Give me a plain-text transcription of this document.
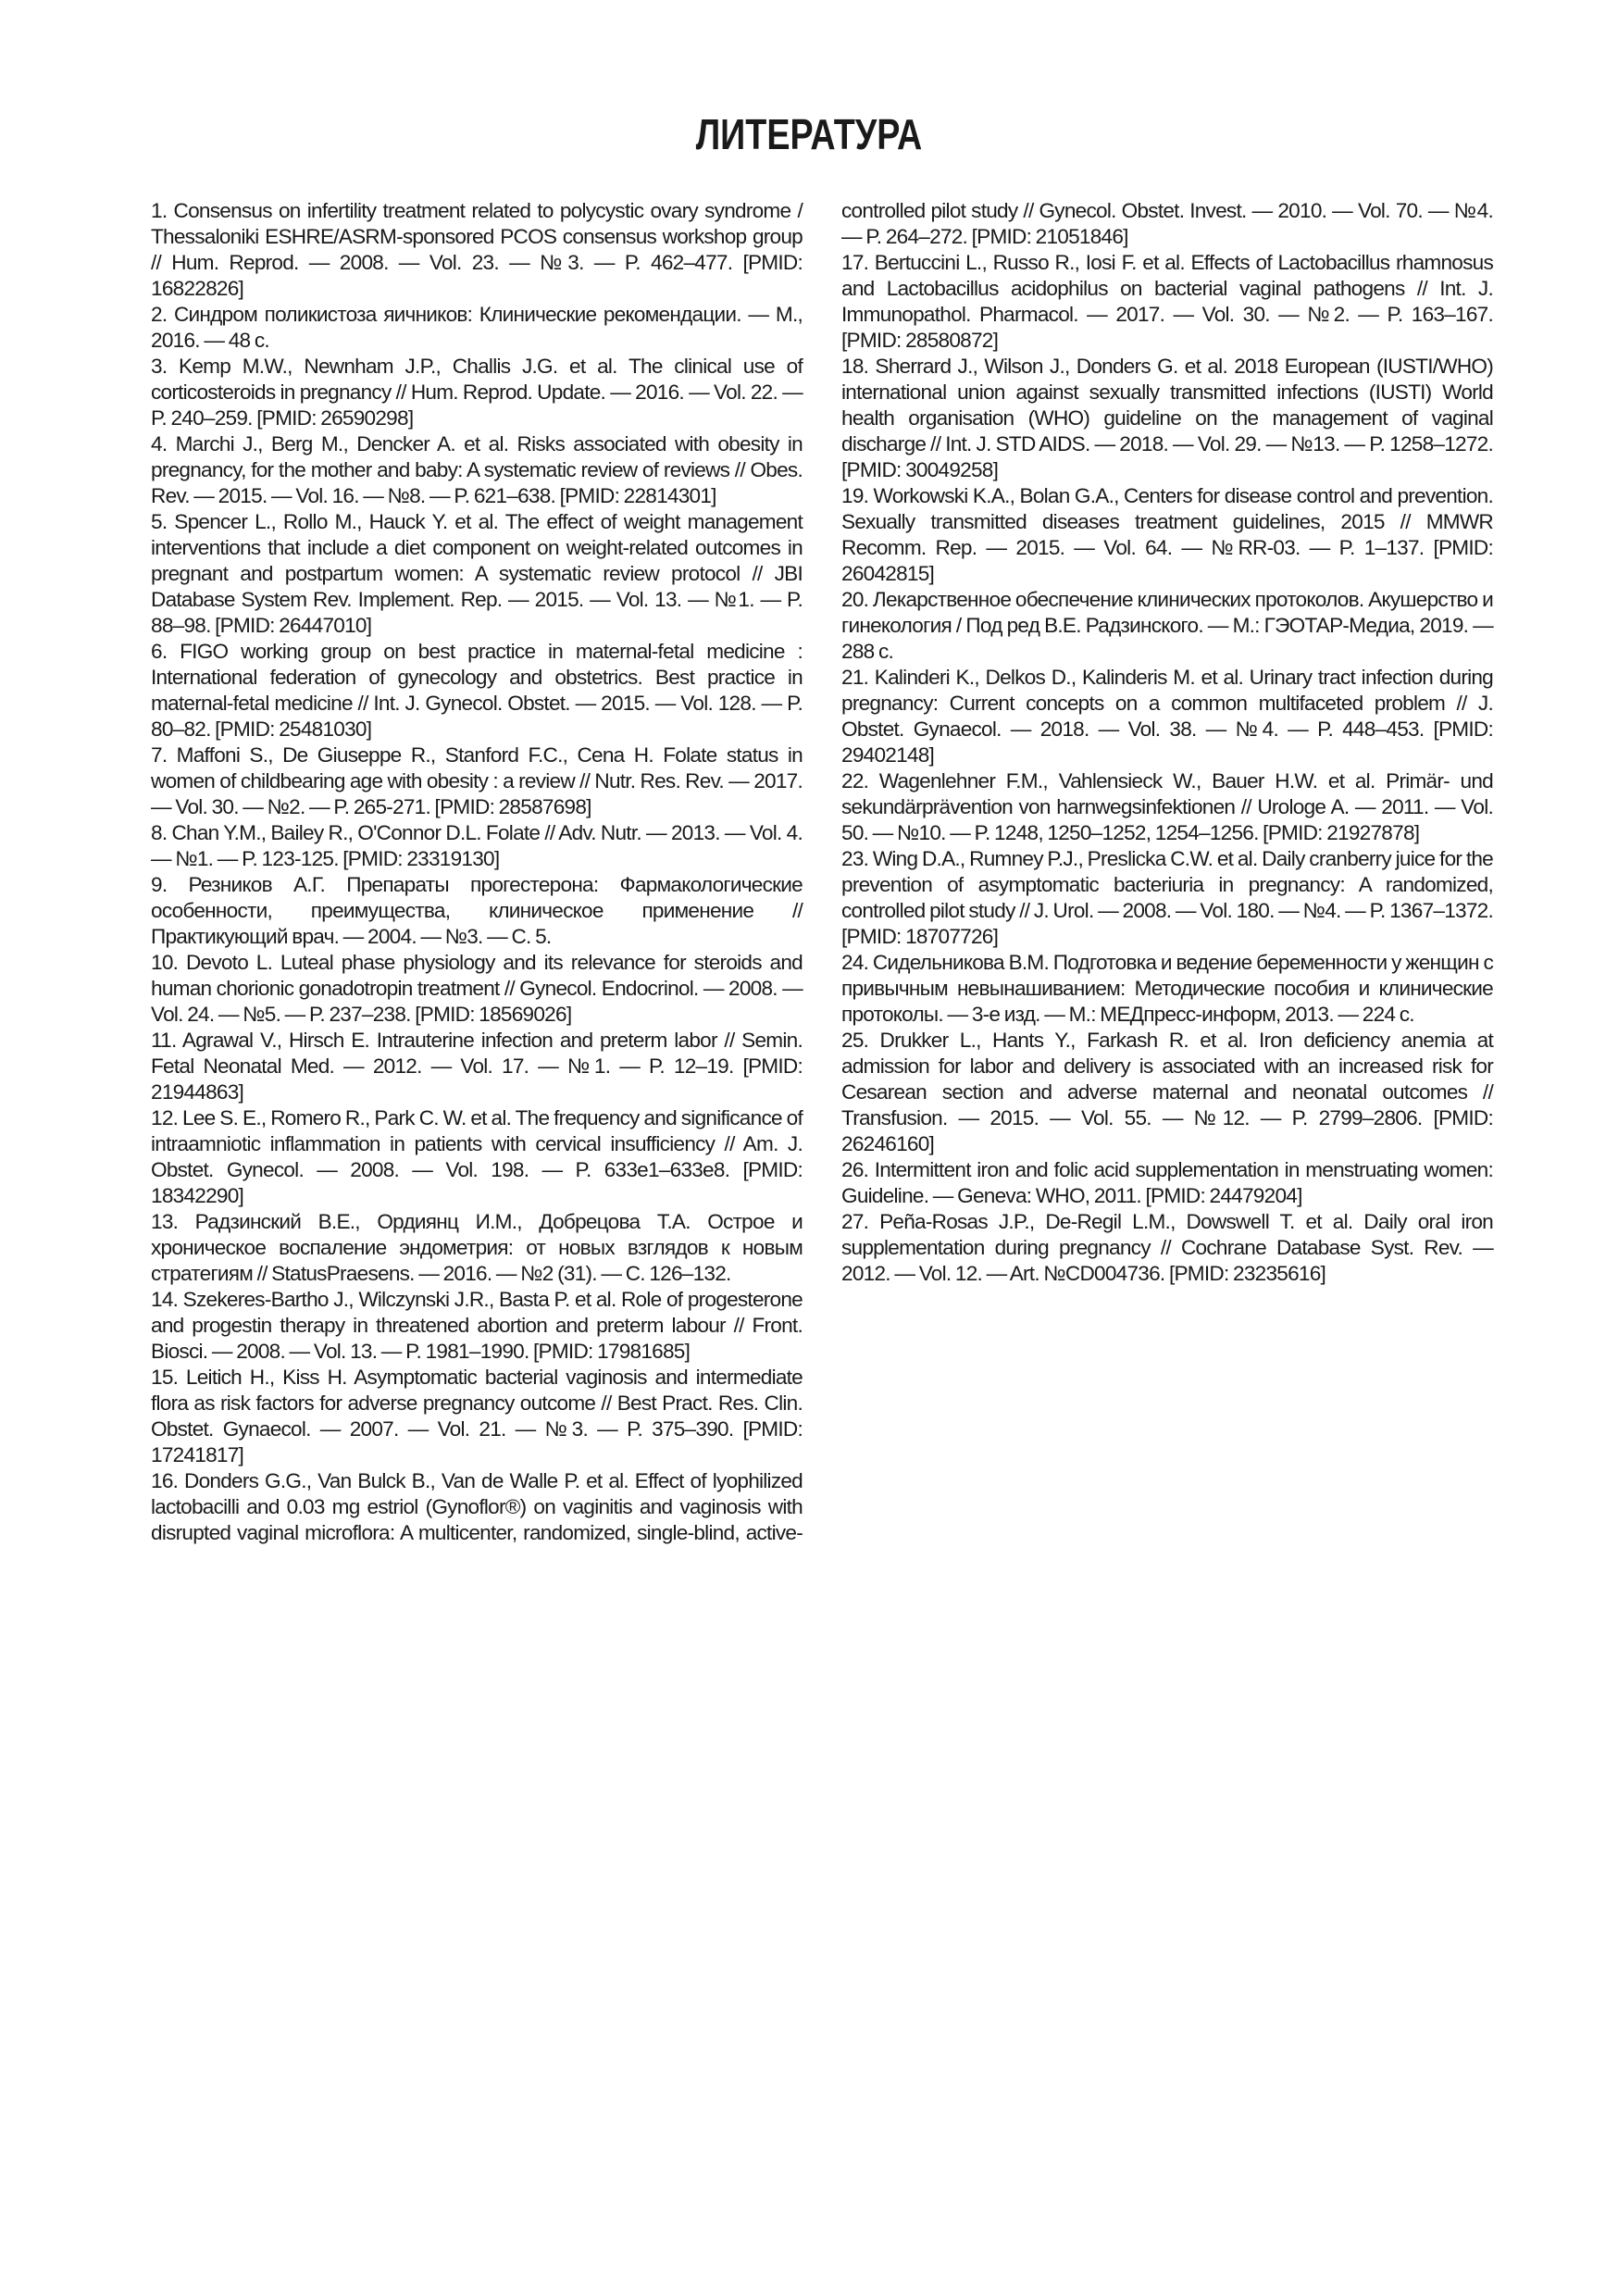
ЛИТЕРАТУРА
1. Consensus on infertility treatment related to polycystic ovary syndrome / Thessaloniki ESHRE/ASRM-sponsored PCOS consensus workshop group // Hum. Reprod. — 2008. — Vol. 23. — №3. — P. 462–477. [PMID: 16822826]
2. Синдром поликистоза яичников: Клинические рекомендации. — М., 2016. — 48 с.
3. Kemp M.W., Newnham J.P., Challis J.G. et al. The clinical use of corticosteroids in pregnancy // Hum. Reprod. Update. — 2016. — Vol. 22. — P. 240–259. [PMID: 26590298]
4. Marchi J., Berg M., Dencker A. et al. Risks associated with obesity in pregnancy, for the mother and baby: A systematic review of reviews // Obes. Rev. — 2015. — Vol. 16. — №8. — P. 621–638. [PMID: 22814301]
5. Spencer L., Rollo M., Hauck Y. et al. The effect of weight management interventions that include a diet component on weight-related outcomes in pregnant and postpartum women: A systematic review protocol // JBI Database System Rev. Implement. Rep. — 2015. — Vol. 13. — №1. — P. 88–98. [PMID: 26447010]
6. FIGO working group on best practice in maternal-fetal medicine : International federation of gynecology and obstetrics. Best practice in maternal-fetal medicine // Int. J. Gynecol. Obstet. — 2015. — Vol. 128. — P. 80–82. [PMID: 25481030]
7. Maffoni S., De Giuseppe R., Stanford F.C., Cena H. Folate status in women of childbearing age with obesity : a review // Nutr. Res. Rev. — 2017. — Vol. 30. — №2. — P. 265-271. [PMID: 28587698]
8. Chan Y.M., Bailey R., O'Connor D.L. Folate // Adv. Nutr. — 2013. — Vol. 4. — №1. — P. 123-125. [PMID: 23319130]
9. Резников А.Г. Препараты прогестерона: Фармакологические особенности, преимущества, клиническое применение // Практикующий врач. — 2004. — №3. — С. 5.
10. Devoto L. Luteal phase physiology and its relevance for steroids and human chorionic gonadotropin treatment // Gynecol. Endocrinol. — 2008. — Vol. 24. — №5. — P. 237–238. [PMID: 18569026]
11. Agrawal V., Hirsch E. Intrauterine infection and preterm labor // Semin. Fetal Neonatal Med. — 2012. — Vol. 17. — №1. — P. 12–19. [PMID: 21944863]
12. Lee S. E., Romero R., Park C. W. et al. The frequency and significance of intraamniotic inflammation in patients with cervical insufficiency // Am. J. Obstet. Gynecol. — 2008. — Vol. 198. — P. 633e1–633e8. [PMID: 18342290]
13. Радзинский В.Е., Ордиянц И.М., Добрецова Т.А. Острое и хроническое воспаление эндометрия: от новых взглядов к новым стратегиям // StatusPraesens. — 2016. — №2 (31). — С. 126–132.
14. Szekeres-Bartho J., Wilczynski J.R., Basta P. et al. Role of progesterone and progestin therapy in threatened abortion and preterm labour // Front. Biosci. — 2008. — Vol. 13. — P. 1981–1990. [PMID: 17981685]
15. Leitich H., Kiss H. Asymptomatic bacterial vaginosis and intermediate flora as risk factors for adverse pregnancy outcome // Best Pract. Res. Clin. Obstet. Gynaecol. — 2007. — Vol. 21. — №3. — P. 375–390. [PMID: 17241817]
16. Donders G.G., Van Bulck B., Van de Walle P. et al. Effect of lyophilized lactobacilli and 0.03 mg estriol (Gynoflor®) on vaginitis and vaginosis with disrupted vaginal microflora: A multicenter, randomized, single-blind, active-controlled pilot study // Gynecol. Obstet. Invest. — 2010. — Vol. 70. — №4. — P. 264–272. [PMID: 21051846]
17. Bertuccini L., Russo R., Iosi F. et al. Effects of Lactobacillus rhamnosus and Lactobacillus acidophilus on bacterial vaginal pathogens // Int. J. Immunopathol. Pharmacol. — 2017. — Vol. 30. — №2. — P. 163–167. [PMID: 28580872]
18. Sherrard J., Wilson J., Donders G. et al. 2018 European (IUSTI/WHO) international union against sexually transmitted infections (IUSTI) World health organisation (WHO) guideline on the management of vaginal discharge // Int. J. STD AIDS. — 2018. — Vol. 29. — №13. — P. 1258–1272. [PMID: 30049258]
19. Workowski K.A., Bolan G.A., Centers for disease control and prevention. Sexually transmitted diseases treatment guidelines, 2015 // MMWR Recomm. Rep. — 2015. — Vol. 64. — №RR-03. — P. 1–137. [PMID: 26042815]
20. Лекарственное обеспечение клинических протоколов. Акушерство и гинекология / Под ред В.Е. Радзинского. — М.: ГЭОТАР-Медиа, 2019. — 288 с.
21. Kalinderi K., Delkos D., Kalinderis M. et al. Urinary tract infection during pregnancy: Current concepts on a common multifaceted problem // J. Obstet. Gynaecol. — 2018. — Vol. 38. — №4. — P. 448–453. [PMID: 29402148]
22. Wagenlehner F.M., Vahlensieck W., Bauer H.W. et al. Primär- und sekundärprävention von harnwegsinfektionen // Urologe A. — 2011. — Vol. 50. — №10. — P. 1248, 1250–1252, 1254–1256. [PMID: 21927878]
23. Wing D.A., Rumney P.J., Preslicka C.W. et al. Daily cranberry juice for the prevention of asymptomatic bacteriuria in pregnancy: A randomized, controlled pilot study // J. Urol. — 2008. — Vol. 180. — №4. — P. 1367–1372. [PMID: 18707726]
24. Сидельникова В.М. Подготовка и ведение беременности у женщин с привычным невынашиванием: Методические пособия и клинические протоколы. — 3-е изд. — М.: МЕДпресс-информ, 2013. — 224 с.
25. Drukker L., Hants Y., Farkash R. et al. Iron deficiency anemia at admission for labor and delivery is associated with an increased risk for Cesarean section and adverse maternal and neonatal outcomes // Transfusion. — 2015. — Vol. 55. — №12. — P. 2799–2806. [PMID: 26246160]
26. Intermittent iron and folic acid supplementation in menstruating women: Guideline. — Geneva: WHO, 2011. [PMID: 24479204]
27. Peña-Rosas J.P., De-Regil L.M., Dowswell T. et al. Daily oral iron supplementation during pregnancy // Cochrane Database Syst. Rev. — 2012. — Vol. 12. — Art. №CD004736. [PMID: 23235616]
